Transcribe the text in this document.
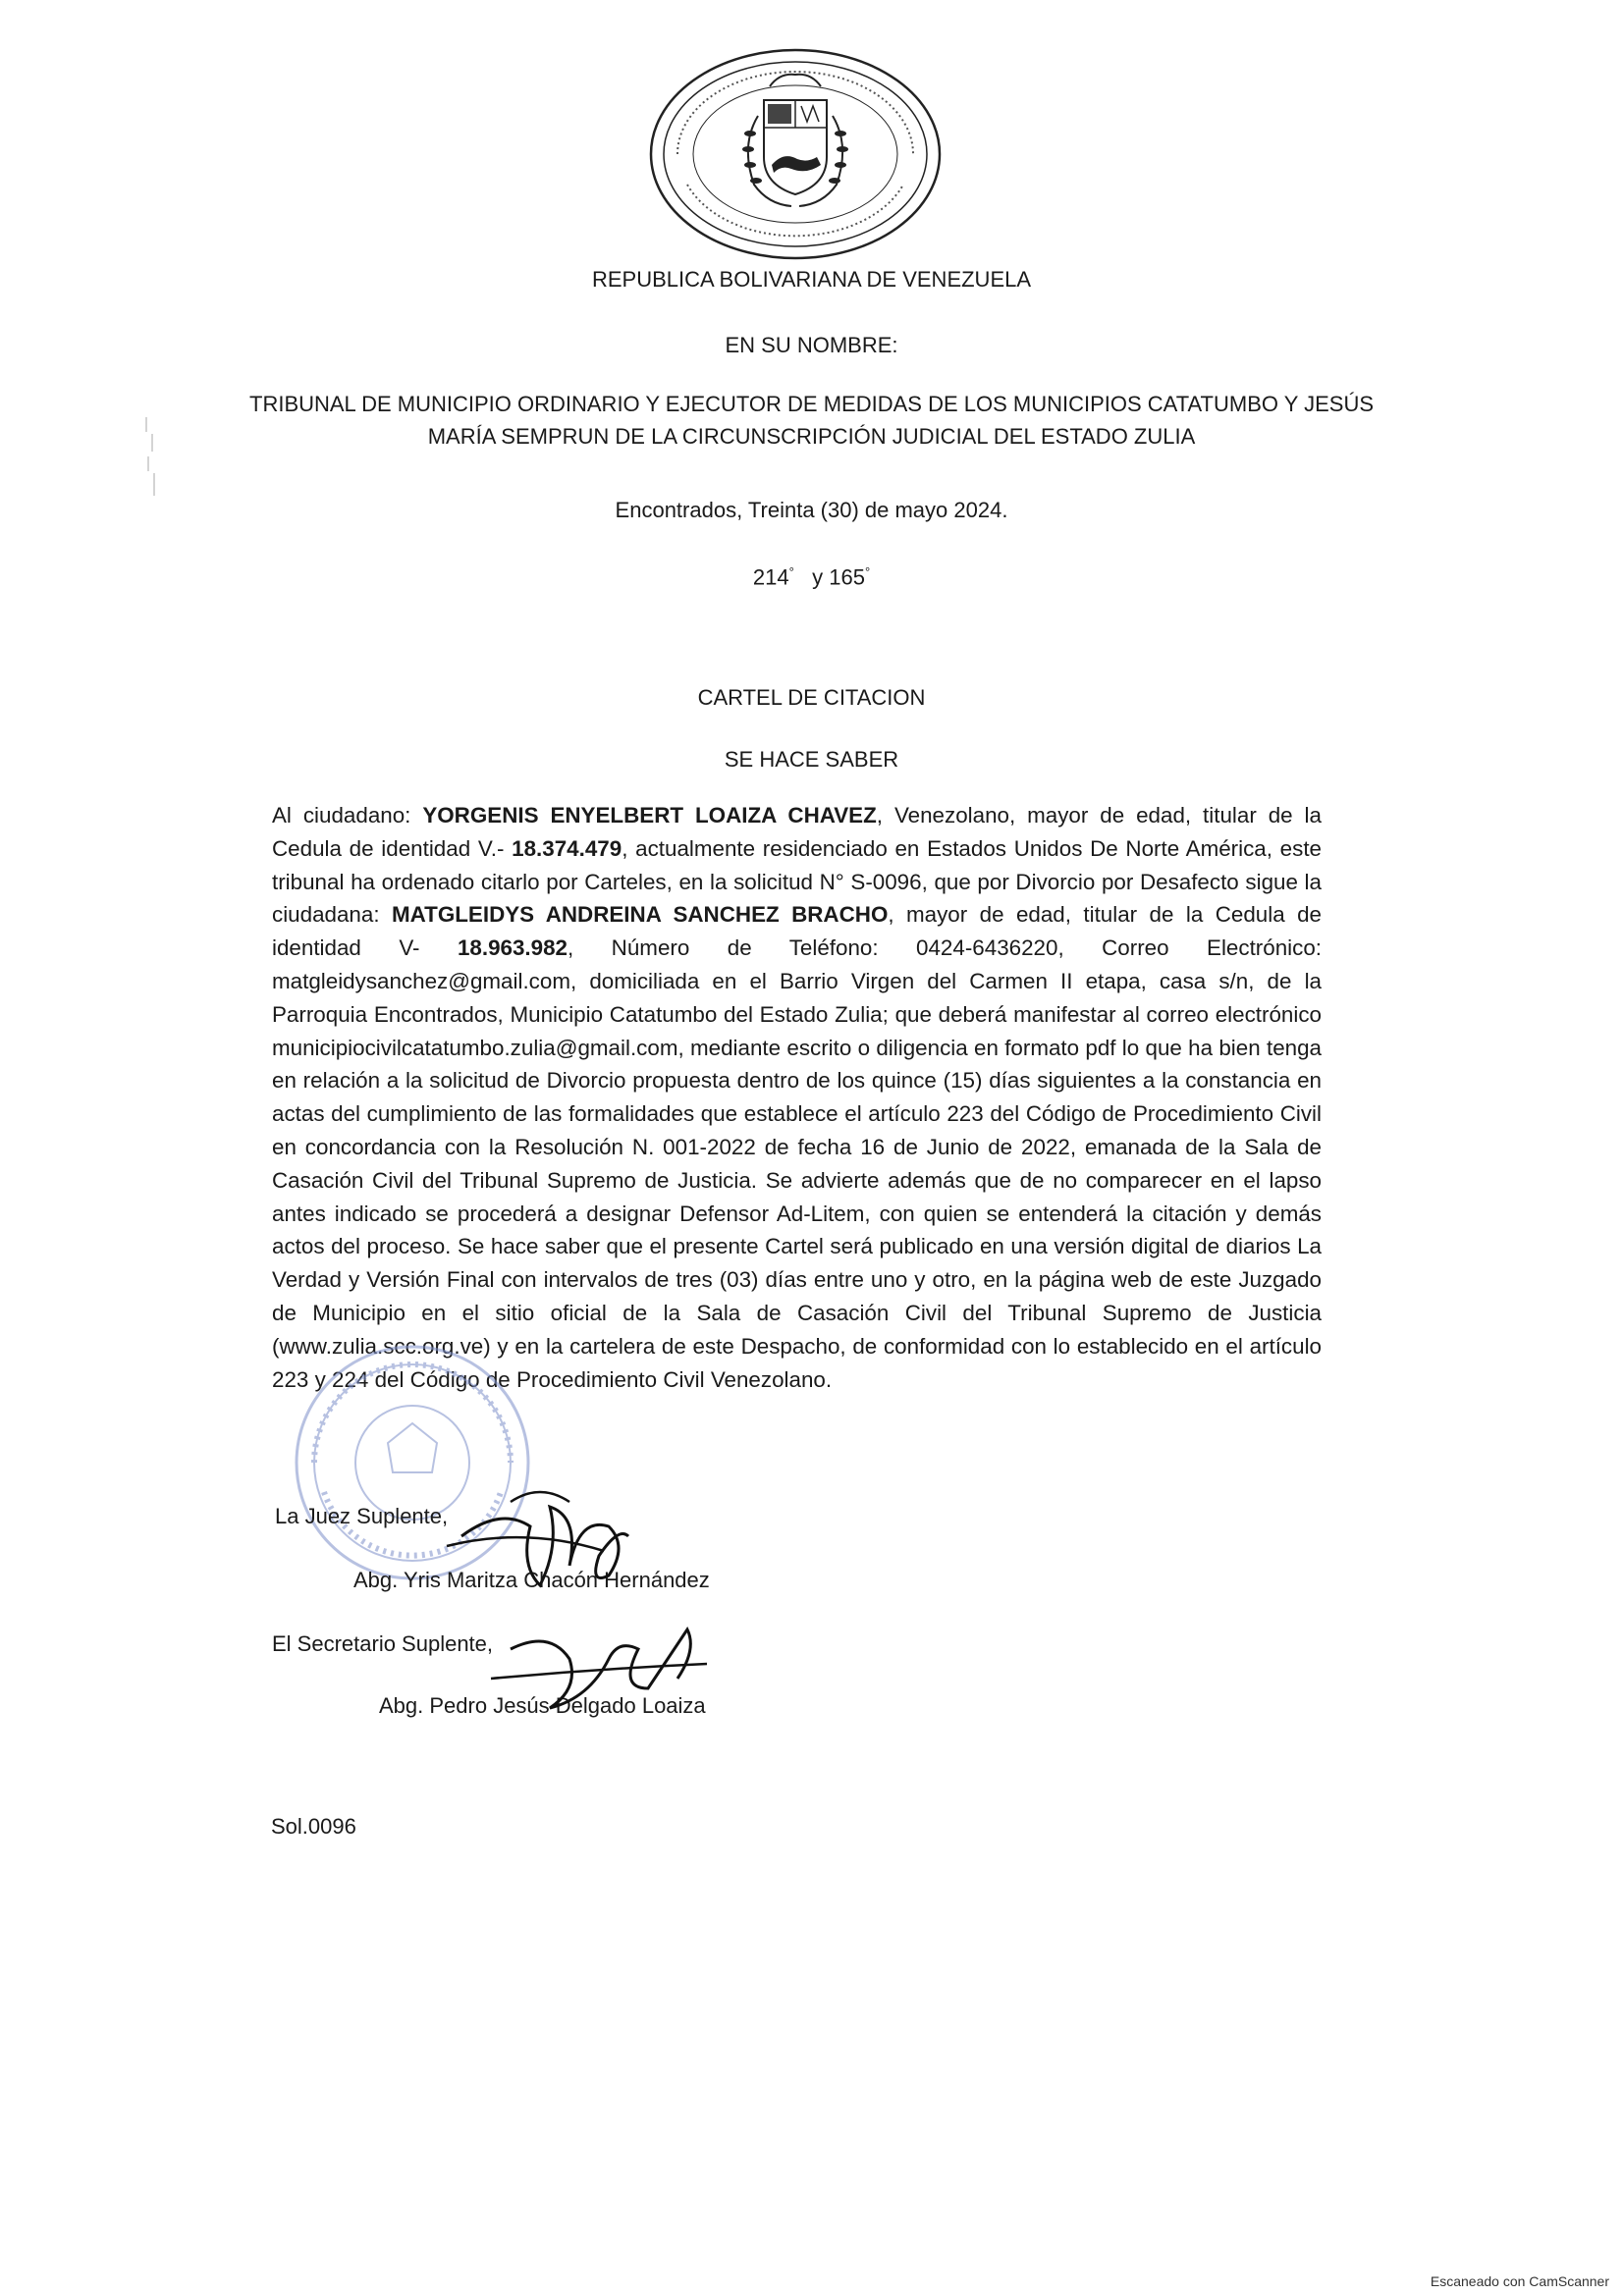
REPUBLICA BOLIVARIANA DE VENEZUELA
EN SU NOMBRE:
TRIBUNAL DE MUNICIPIO ORDINARIO Y EJECUTOR DE MEDIDAS DE LOS MUNICIPIOS CATATUMBO Y JESÚS MARÍA SEMPRUN DE LA CIRCUNSCRIPCIÓN JUDICIAL DEL ESTADO ZULIA
Encontrados, Treinta (30) de mayo 2024.
214° y 165°
CARTEL DE CITACION
SE HACE SABER
Al ciudadano: YORGENIS ENYELBERT LOAIZA CHAVEZ, Venezolano, mayor de edad, titular de la Cedula de identidad V.- 18.374.479, actualmente residenciado en Estados Unidos De Norte América, este tribunal ha ordenado citarlo por Carteles, en la solicitud N° S-0096, que por Divorcio por Desafecto sigue la ciudadana: MATGLEIDYS ANDREINA SANCHEZ BRACHO, mayor de edad, titular de la Cedula de identidad V- 18.963.982, Número de Teléfono: 0424-6436220, Correo Electrónico: matgleidysanchez@gmail.com, domiciliada en el Barrio Virgen del Carmen II etapa, casa s/n, de la Parroquia Encontrados, Municipio Catatumbo del Estado Zulia; que deberá manifestar al correo electrónico municipiocivilcatatumbo.zulia@gmail.com, mediante escrito o diligencia en formato pdf lo que ha bien tenga en relación a la solicitud de Divorcio propuesta dentro de los quince (15) días siguientes a la constancia en actas del cumplimiento de las formalidades que establece el artículo 223 del Código de Procedimiento Civil en concordancia con la Resolución N. 001-2022 de fecha 16 de Junio de 2022, emanada de la Sala de Casación Civil del Tribunal Supremo de Justicia. Se advierte además que de no comparecer en el lapso antes indicado se procederá a designar Defensor Ad-Litem, con quien se entenderá la citación y demás actos del proceso. Se hace saber que el presente Cartel será publicado en una versión digital de diarios La Verdad y Versión Final con intervalos de tres (03) días entre uno y otro, en la página web de este Juzgado de Municipio en el sitio oficial de la Sala de Casación Civil del Tribunal Supremo de Justicia (www.zulia.scc.org.ve) y en la cartelera de este Despacho, de conformidad con lo establecido en el artículo 223 y 224 del Código de Procedimiento Civil Venezolano.
La Juez Suplente,
Abg. Yris Maritza Chacón Hernández
El Secretario Suplente,
Abg. Pedro Jesús Delgado Loaiza
Sol.0096
Escaneado con CamScanner
